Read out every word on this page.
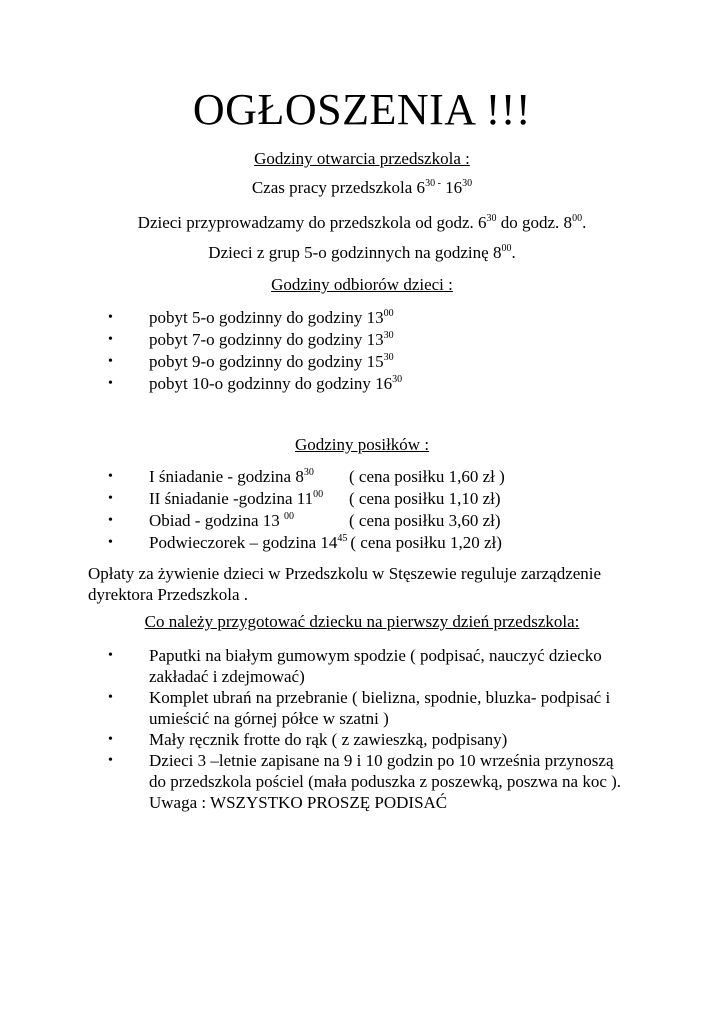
OGŁOSZENIA !!!
Godziny otwarcia przedszkola :
Czas pracy przedszkola $6^{30 -}$ $16^{30}$
Dzieci przyprowadzamy do przedszkola od godz. $6^{30}$ do godz. $8^{00}$.
Dzieci z grup 5-o godzinnych na godzinę $8^{00}$.
Godziny odbiorów dzieci :
•	pobyt 5-o godzinny do godziny $13^{00}$
•	pobyt 7-o godzinny do godziny $13^{30}$
•	pobyt 9-o godzinny do godziny $15^{30}$
•	pobyt 10-o godzinny do godziny $16^{30}$
Godziny posiłków :
•	I śniadanie - godzina $8^{30}$ ( cena posiłku 1,60 zł )
•	II śniadanie -godzina $11^{00}$ ( cena posiłku 1,10 zł)
•	Obiad - godzina 13 $^{00}$	( cena posiłku 3,60 zł)
•	Podwieczorek – godzina $14^{45}$ ( cena posiłku 1,20 zł)
Opłaty za żywienie dzieci w Przedszkolu w Stęszewie reguluje zarządzenie dyrektora Przedszkola .
Co należy przygotować dziecku na pierwszy dzień przedszkola:
•	Paputki na białym gumowym spodzie ( podpisać, nauczyć dziecko zakładać i zdejmować)
•	Komplet ubrań na przebranie ( bielizna, spodnie, bluzka- podpisać i umieścić na górnej półce w szatni )
•	Mały ręcznik frotte do rąk ( z zawieszką, podpisany)
•	Dzieci 3 –letnie zapisane na 9 i 10 godzin po 10 września przynoszą do przedszkola pościel (mała poduszka z poszewką, poszwa na koc ).
Uwaga : WSZYSTKO PROSZĘ PODISAĆ
